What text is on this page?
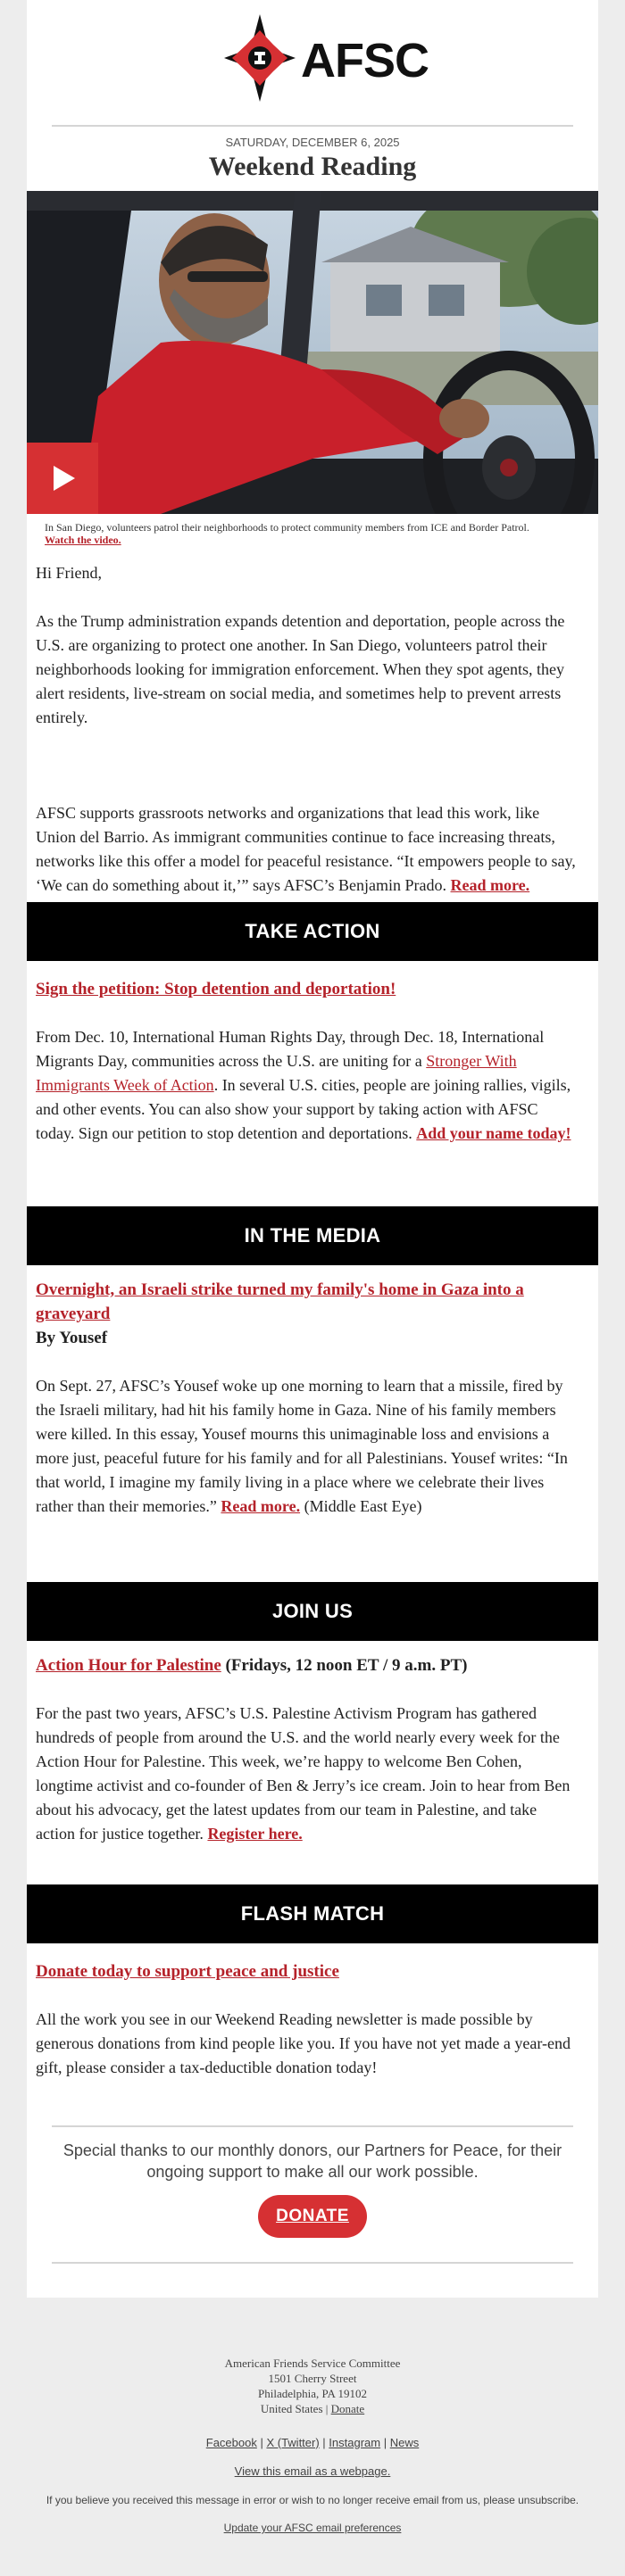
AFSC
SATURDAY, DECEMBER 6, 2025
Weekend Reading
In San Diego, volunteers patrol their neighborhoods to protect community members from ICE and Border Patrol.
Watch the video.
Hi Friend,
As the Trump administration expands detention and deportation, people across the U.S. are organizing to protect one another. In San Diego, volunteers patrol their neighborhoods looking for immigration enforcement. When they spot agents, they alert residents, live-stream on social media, and sometimes help to prevent arrests entirely.
AFSC supports grassroots networks and organizations that lead this work, like Union del Barrio. As immigrant communities continue to face increasing threats, networks like this offer a model for peaceful resistance. “It empowers people to say, ‘We can do something about it,’” says AFSC’s Benjamin Prado. Read more.
TAKE ACTION
Sign the petition: Stop detention and deportation!
From Dec. 10, International Human Rights Day, through Dec. 18, International Migrants Day, communities across the U.S. are uniting for a Stronger With Immigrants Week of Action. In several U.S. cities, people are joining rallies, vigils, and other events. You can also show your support by taking action with AFSC today. Sign our petition to stop detention and deportations. Add your name today!
IN THE MEDIA
Overnight, an Israeli strike turned my family's home in Gaza into a graveyard
By Yousef
On Sept. 27, AFSC’s Yousef woke up one morning to learn that a missile, fired by the Israeli military, had hit his family home in Gaza. Nine of his family members were killed. In this essay, Yousef mourns this unimaginable loss and envisions a more just, peaceful future for his family and for all Palestinians. Yousef writes: “In that world, I imagine my family living in a place where we celebrate their lives rather than their memories.” Read more. (Middle East Eye)
JOIN US
Action Hour for Palestine (Fridays, 12 noon ET / 9 a.m. PT)
For the past two years, AFSC’s U.S. Palestine Activism Program has gathered hundreds of people from around the U.S. and the world nearly every week for the Action Hour for Palestine. This week, we’re happy to welcome Ben Cohen, longtime activist and co-founder of Ben & Jerry’s ice cream. Join to hear from Ben about his advocacy, get the latest updates from our team in Palestine, and take action for justice together. Register here.
FLASH MATCH
Donate today to support peace and justice
All the work you see in our Weekend Reading newsletter is made possible by generous donations from kind people like you. If you have not yet made a year-end gift, please consider a tax-deductible donation today!
Special thanks to our monthly donors, our Partners for Peace, for their ongoing support to make all our work possible.
DONATE
American Friends Service Committee
1501 Cherry Street
Philadelphia, PA 19102
United States | Donate
Facebook | X (Twitter) | Instagram | News
View this email as a webpage.
If you believe you received this message in error or wish to no longer receive email from us, please unsubscribe.
Update your AFSC email preferences
